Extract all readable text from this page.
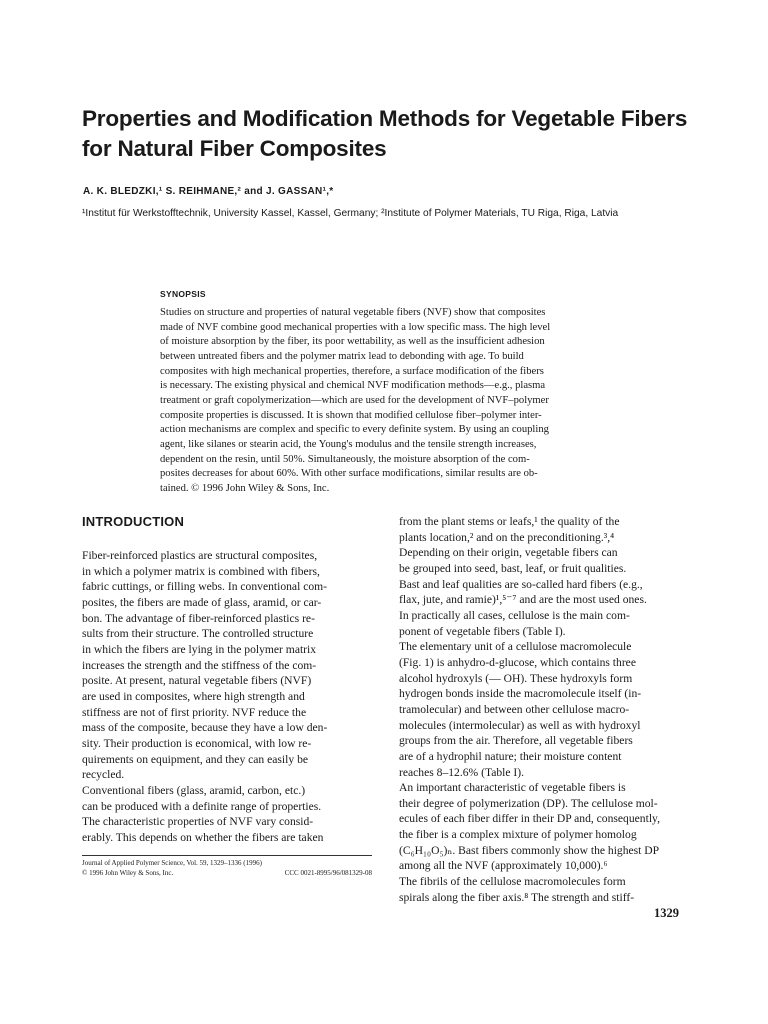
Properties and Modification Methods for Vegetable Fibers
for Natural Fiber Composites
A. K. BLEDZKI,¹ S. REIHMANE,² and J. GASSAN¹,*
¹Institut für Werkstofftechnik, University Kassel, Kassel, Germany; ²Institute of Polymer Materials, TU Riga, Riga, Latvia
SYNOPSIS
Studies on structure and properties of natural vegetable fibers (NVF) show that composites
made of NVF combine good mechanical properties with a low specific mass. The high level
of moisture absorption by the fiber, its poor wettability, as well as the insufficient adhesion
between untreated fibers and the polymer matrix lead to debonding with age. To build
composites with high mechanical properties, therefore, a surface modification of the fibers
is necessary. The existing physical and chemical NVF modification methods—e.g., plasma
treatment or graft copolymerization—which are used for the development of NVF–polymer
composite properties is discussed. It is shown that modified cellulose fiber–polymer inter-
action mechanisms are complex and specific to every definite system. By using an coupling
agent, like silanes or stearin acid, the Young's modulus and the tensile strength increases,
dependent on the resin, until 50%. Simultaneously, the moisture absorption of the com-
posites decreases for about 60%. With other surface modifications, similar results are ob-
tained. © 1996 John Wiley & Sons, Inc.
INTRODUCTION
Fiber-reinforced plastics are structural composites,
in which a polymer matrix is combined with fibers,
fabric cuttings, or filling webs. In conventional com-
posites, the fibers are made of glass, aramid, or car-
bon. The advantage of fiber-reinforced plastics re-
sults from their structure. The controlled structure
in which the fibers are lying in the polymer matrix
increases the strength and the stiffness of the com-
posite. At present, natural vegetable fibers (NVF)
are used in composites, where high strength and
stiffness are not of first priority. NVF reduce the
mass of the composite, because they have a low den-
sity. Their production is economical, with low re-
quirements on equipment, and they can easily be
recycled.
Conventional fibers (glass, aramid, carbon, etc.)
can be produced with a definite range of properties.
The characteristic properties of NVF vary consid-
erably. This depends on whether the fibers are taken
from the plant stems or leafs,¹ the quality of the
plants location,² and on the preconditioning.³,⁴
Depending on their origin, vegetable fibers can
be grouped into seed, bast, leaf, or fruit qualities.
Bast and leaf qualities are so-called hard fibers (e.g.,
flax, jute, and ramie)¹,⁵⁻⁷ and are the most used ones.
In practically all cases, cellulose is the main com-
ponent of vegetable fibers (Table I).
The elementary unit of a cellulose macromolecule
(Fig. 1) is anhydro-d-glucose, which contains three
alcohol hydroxyls (— OH). These hydroxyls form
hydrogen bonds inside the macromolecule itself (in-
tramolecular) and between other cellulose macro-
molecules (intermolecular) as well as with hydroxyl
groups from the air. Therefore, all vegetable fibers
are of a hydrophil nature; their moisture content
reaches 8–12.6% (Table I).
An important characteristic of vegetable fibers is
their degree of polymerization (DP). The cellulose mol-
ecules of each fiber differ in their DP and, consequently,
the fiber is a complex mixture of polymer homolog
(C₆H₁₀O₅)ₙ. Bast fibers commonly show the highest DP
among all the NVF (approximately 10,000).⁶
The fibrils of the cellulose macromolecules form
spirals along the fiber axis.⁸ The strength and stiff-
Journal of Applied Polymer Science, Vol. 59, 1329–1336 (1996)
© 1996 John Wiley & Sons, Inc.	CCC 0021-8995/96/081329-08
1329
